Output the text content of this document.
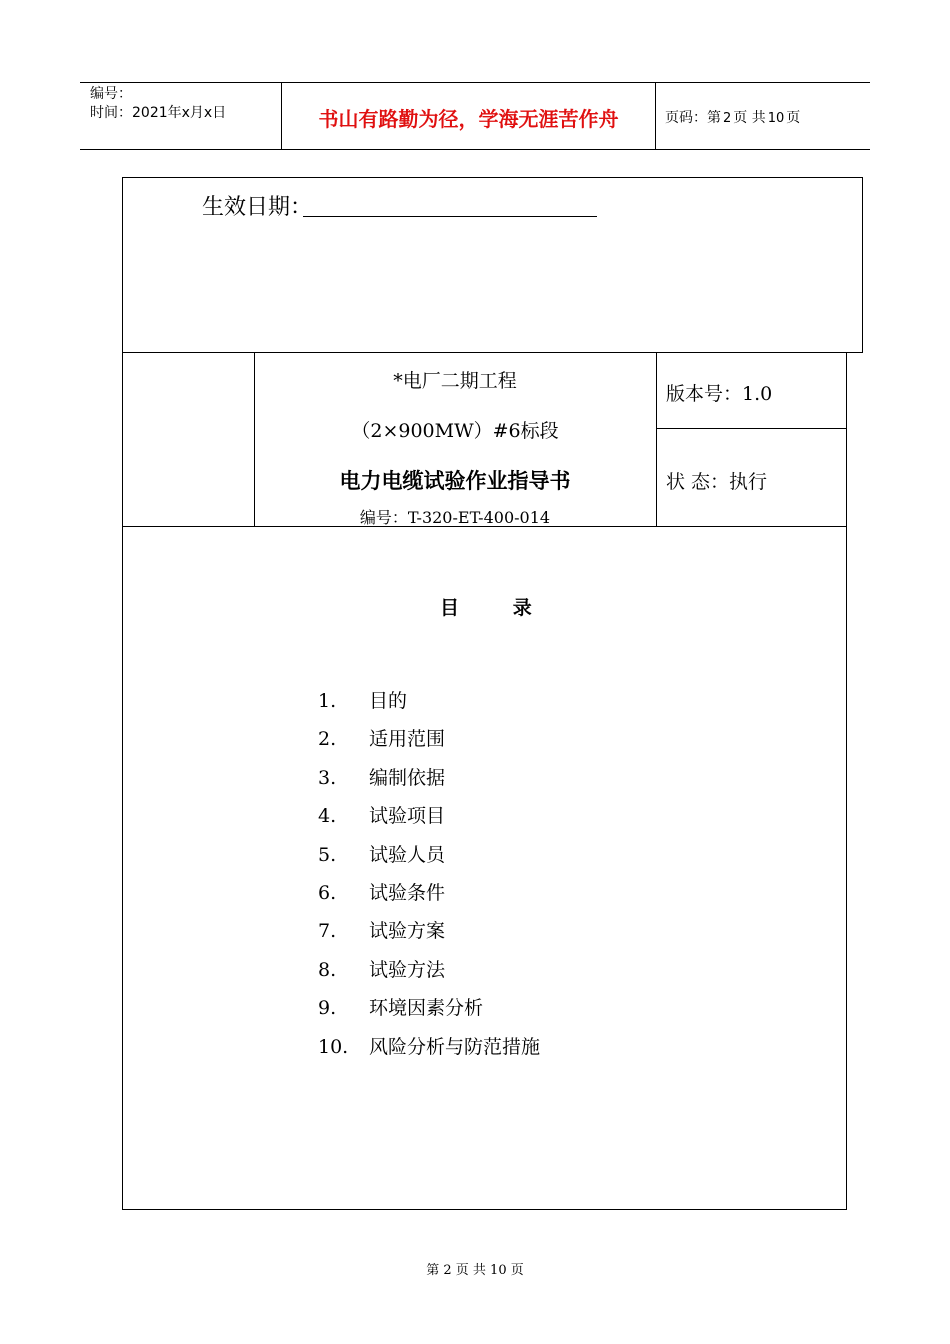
编号：
时间：2021年x月x日	书山有路勤为径，学海无涯苦作舟	页码：第 2 页 共 10 页
生效日期：
*电厂二期工程
（2×900MW）#6标段
电力电缆试验作业指导书
编号：T-320-ET-400-014
版本号：1.0
状 态：执行
目      录
1. 目的
2. 适用范围
3. 编制依据
4. 试验项目
5. 试验人员
6. 试验条件
7. 试验方案
8. 试验方法
9. 环境因素分析
10. 风险分析与防范措施
第 2 页 共 10 页
